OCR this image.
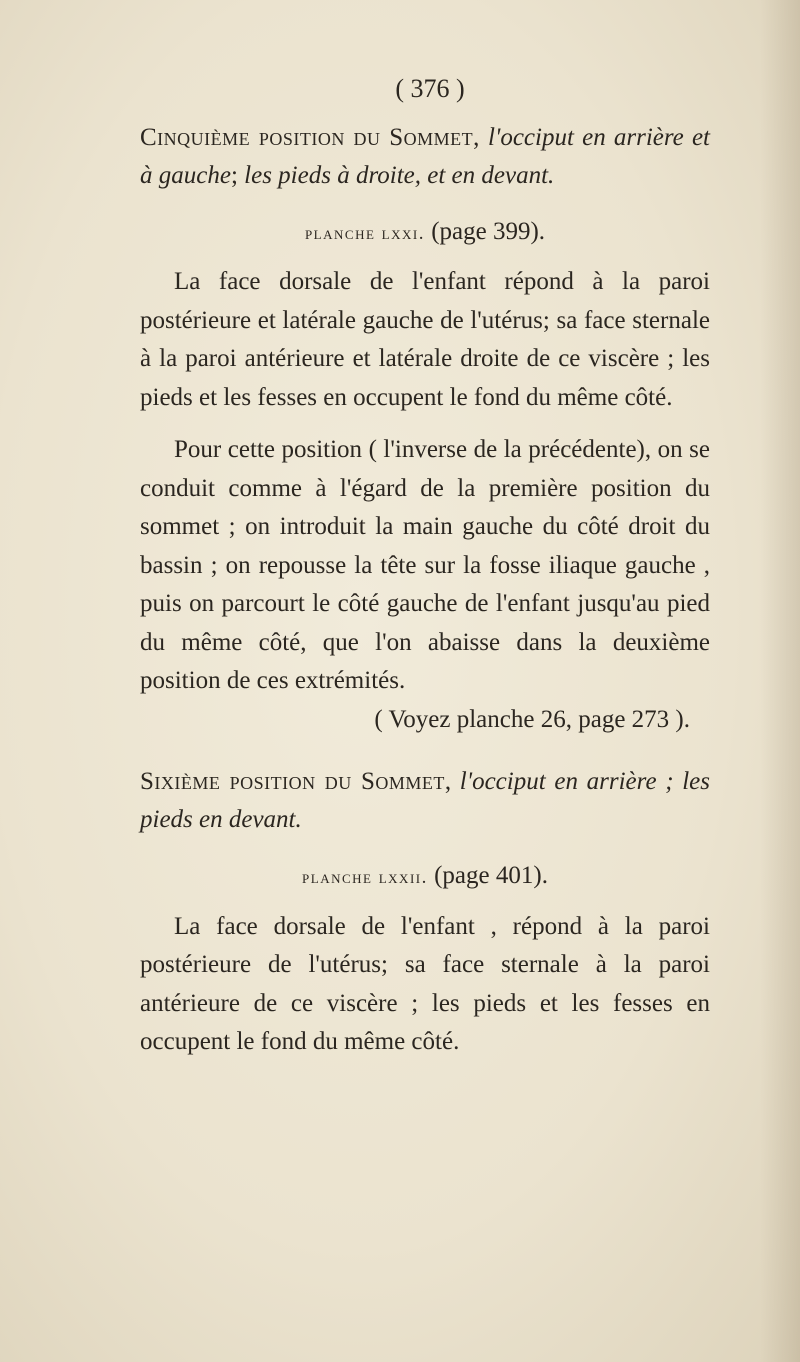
( 376 )
Cinquième position du Sommet, l'occiput en arrière et à gauche; les pieds à droite, et en devant.
planche lxxi. (page 399).

La face dorsale de l'enfant répond à la paroi postérieure et latérale gauche de l'utérus; sa face sternale à la paroi antérieure et latérale droite de ce viscère ; les pieds et les fesses en occupent le fond du même côté.

Pour cette position ( l'inverse de la précédente), on se conduit comme à l'égard de la première position du sommet ; on introduit la main gauche du côté droit du bassin ; on repousse la tête sur la fosse iliaque gauche , puis on parcourt le côté gauche de l'enfant jusqu'au pied du même côté, que l'on abaisse dans la deuxième position de ces extrémités.

( Voyez planche 26, page 273 ).
Sixième position du Sommet, l'occiput en arrière ; les pieds en devant.
planche lxxii. (page 401).

La face dorsale de l'enfant , répond à la paroi postérieure de l'utérus; sa face sternale à la paroi antérieure de ce viscère ; les pieds et les fesses en occupent le fond du même côté.
